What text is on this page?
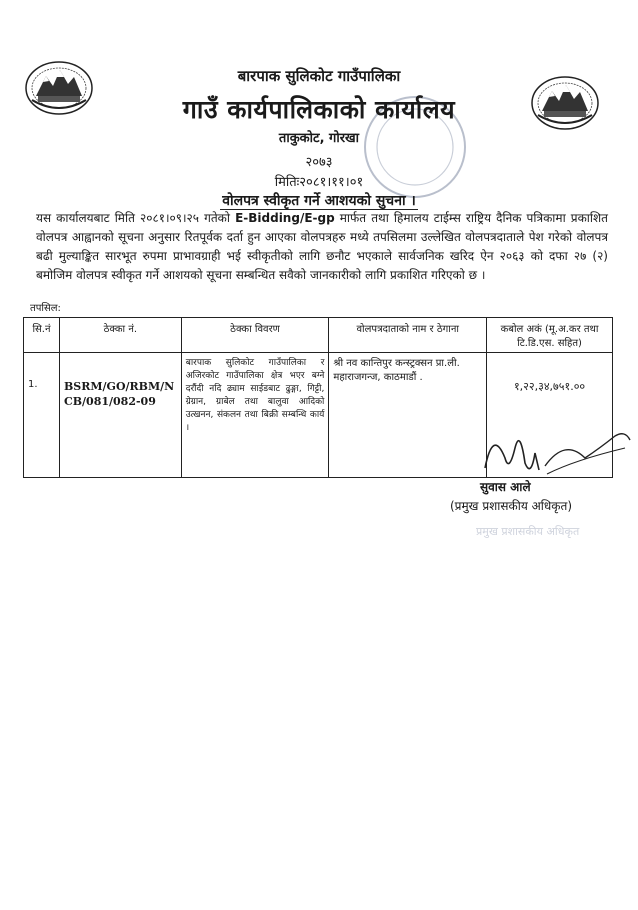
बारपाक सुलिकोट गाउँपालिका
गाउँ कार्यपालिकाको कार्यालय
ताकुकोट, गोरखा
२०७३
मितिः२०८१।११।०१
वोलपत्र स्वीकृत गर्ने आशयको सुचना ।
यस कार्यालयबाट मिति २०८१।०९।२५ गतेको E-Bidding/E-gp मार्फत तथा हिमालय टाईम्स राष्ट्रिय दैनिक पत्रिकामा प्रकाशित वोलपत्र आह्वानको सूचना अनुसार रितपूर्वक दर्ता हुन आएका वोलपत्रहरु मध्ये तपसिलमा उल्लेखित वोलपत्रदाताले पेश गरेको वोलपत्र बढी मुल्याङ्कित सारभूत रुपमा प्राभावग्राही भई स्वीकृतीको लागि छनौट भएकाले सार्वजनिक खरिद ऐन २०६३ को दफा २७ (२) बमोजिम वोलपत्र स्वीकृत गर्ने आशयको सूचना सम्बन्धित सवैको जानकारीको लागि प्रकाशित गरिएको छ ।
तपसिल:
सि.नं	ठेक्का नं.	ठेक्का विवरण	वोलपत्रदाताको नाम र ठेगाना	कबोल अकं (मू.अ.कर तथा टि.डि.एस. सहित)
1.	BSRM/GO/RBM/NCB/081/082-09	बारपाक सुलिकोट गाउँपालिका र अजिरकोट गाउँपालिका क्षेत्र भएर बग्ने दरौंदी नदि ढ्याम साईडबाट ढुङ्गा, गिट्टी, ग्रेग्रान, ग्राबेल तथा बालुवा आदिको उत्खनन, संकलन तथा बिक्री सम्बन्धि कार्य ।	श्री नव कान्तिपुर कन्स्ट्रक्सन प्रा.ली. महाराजगन्ज, काठमाडौं .	१,२२,३४,७५१.००
सुवास आले
(प्रमुख प्रशासकीय अधिकृत)
प्रमुख प्रशासकीय अधिकृत
